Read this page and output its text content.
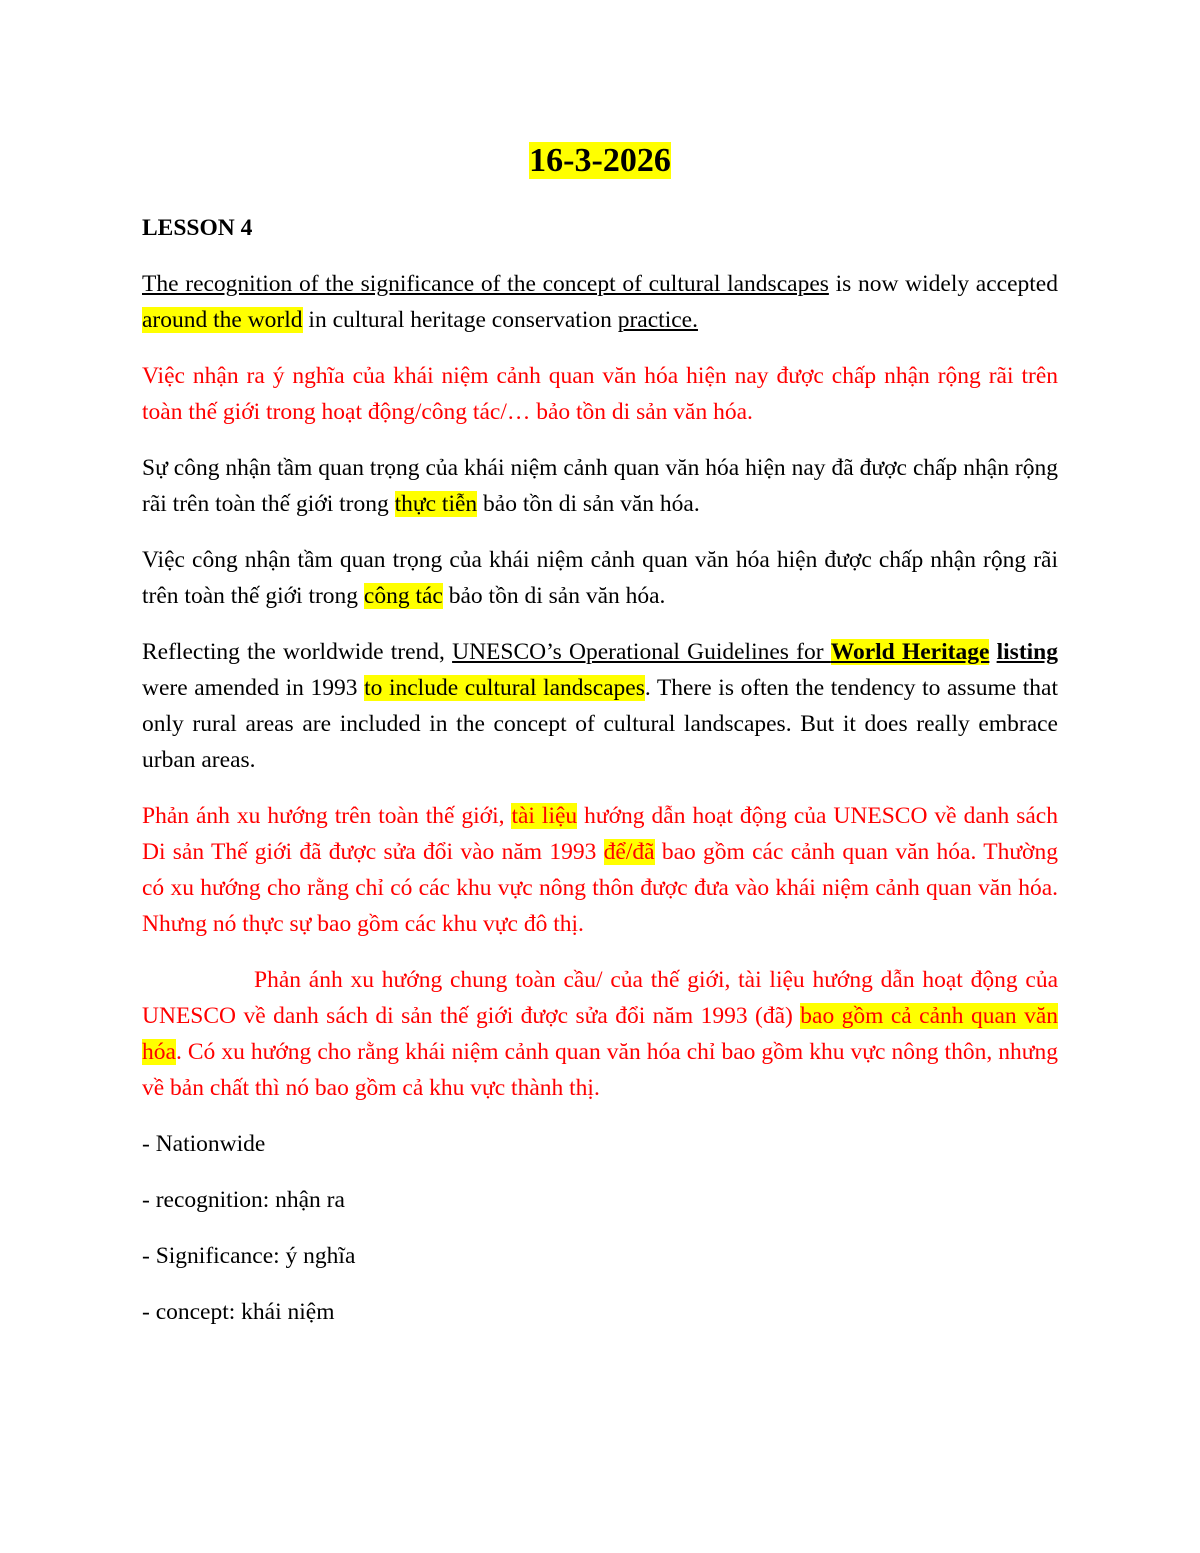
16-3-2026
LESSON 4

The recognition of the significance of the concept of cultural landscapes is now widely accepted around the world in cultural heritage conservation practice.

Việc nhận ra ý nghĩa của khái niệm cảnh quan văn hóa hiện nay được chấp nhận rộng rãi trên toàn thế giới trong hoạt động/công tác/… bảo tồn di sản văn hóa.

Sự công nhận tầm quan trọng của khái niệm cảnh quan văn hóa hiện nay đã được chấp nhận rộng rãi trên toàn thế giới trong thực tiễn bảo tồn di sản văn hóa.

Việc công nhận tầm quan trọng của khái niệm cảnh quan văn hóa hiện được chấp nhận rộng rãi trên toàn thế giới trong công tác bảo tồn di sản văn hóa.

Reflecting the worldwide trend, UNESCO’s Operational Guidelines for World Heritage listing were amended in 1993 to include cultural landscapes. There is often the tendency to assume that only rural areas are included in the concept of cultural landscapes. But it does really embrace urban areas.

Phản ánh xu hướng trên toàn thế giới, tài liệu hướng dẫn hoạt động của UNESCO về danh sách Di sản Thế giới đã được sửa đổi vào năm 1993 để/đã bao gồm các cảnh quan văn hóa. Thường có xu hướng cho rằng chỉ có các khu vực nông thôn được đưa vào khái niệm cảnh quan văn hóa. Nhưng nó thực sự bao gồm các khu vực đô thị.

Phản ánh xu hướng chung toàn cầu/ của thế giới, tài liệu hướng dẫn hoạt động của UNESCO về danh sách di sản thế giới được sửa đổi năm 1993 (đã) bao gồm cả cảnh quan văn hóa. Có xu hướng cho rằng khái niệm cảnh quan văn hóa chỉ bao gồm khu vực nông thôn, nhưng về bản chất thì nó bao gồm cả khu vực thành thị.

- Nationwide

- recognition: nhận ra

- Significance: ý nghĩa

- concept: khái niệm
